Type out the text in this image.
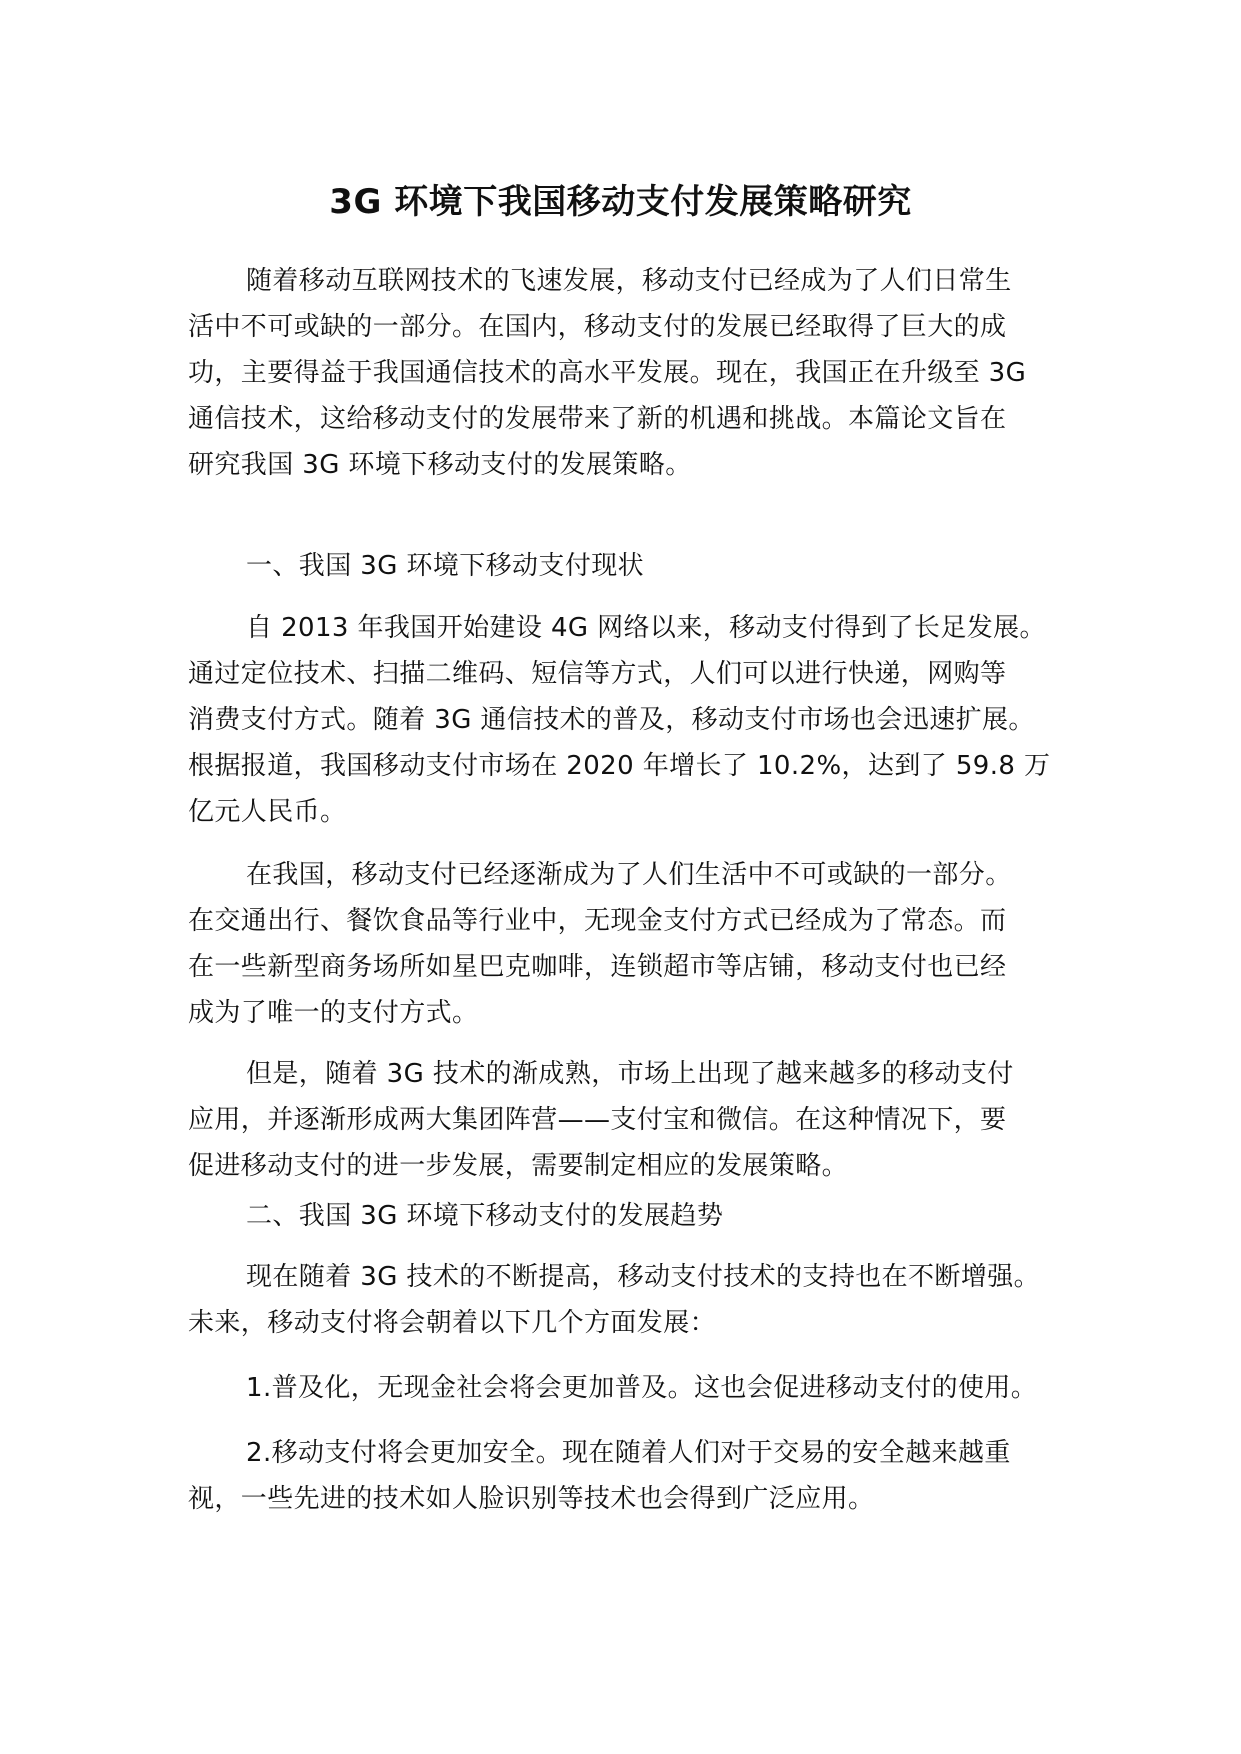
3G 环境下我国移动支付发展策略研究

随着移动互联网技术的飞速发展，移动支付已经成为了人们日常生
活中不可或缺的一部分。在国内，移动支付的发展已经取得了巨大的成
功，主要得益于我国通信技术的高水平发展。现在，我国正在升级至 3G
通信技术，这给移动支付的发展带来了新的机遇和挑战。本篇论文旨在
研究我国 3G 环境下移动支付的发展策略。

一、我国 3G 环境下移动支付现状

自 2013 年我国开始建设 4G 网络以来，移动支付得到了长足发展。
通过定位技术、扫描二维码、短信等方式，人们可以进行快递，网购等
消费支付方式。随着 3G 通信技术的普及，移动支付市场也会迅速扩展。
根据报道，我国移动支付市场在 2020 年增长了 10.2%，达到了 59.8 万
亿元人民币。

在我国，移动支付已经逐渐成为了人们生活中不可或缺的一部分。
在交通出行、餐饮食品等行业中，无现金支付方式已经成为了常态。而
在一些新型商务场所如星巴克咖啡，连锁超市等店铺，移动支付也已经
成为了唯一的支付方式。

但是，随着 3G 技术的渐成熟，市场上出现了越来越多的移动支付
应用，并逐渐形成两大集团阵营——支付宝和微信。在这种情况下，要
促进移动支付的进一步发展，需要制定相应的发展策略。

二、我国 3G 环境下移动支付的发展趋势

现在随着 3G 技术的不断提高，移动支付技术的支持也在不断增强。
未来，移动支付将会朝着以下几个方面发展：

1.普及化，无现金社会将会更加普及。这也会促进移动支付的使用。

2.移动支付将会更加安全。现在随着人们对于交易的安全越来越重
视，一些先进的技术如人脸识别等技术也会得到广泛应用。
